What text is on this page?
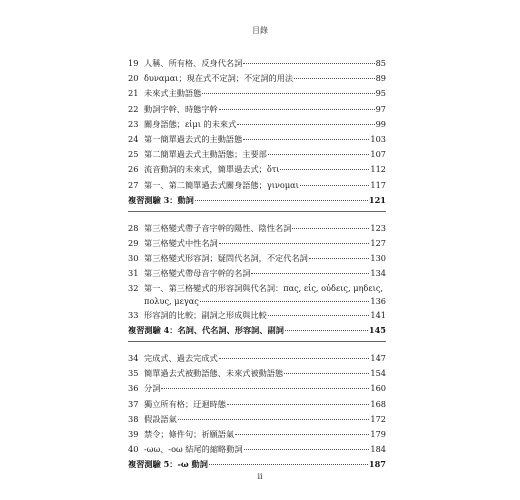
目錄
19 人稱、所有格、反身代名詞	85
20 δυναμαι；現在式不定詞；不定詞的用法	89
21 未來式主動語態	95
22 動詞字幹、時態字幹	97
23 關身語態；εἰμι 的未來式	99
24 第一簡單過去式的主動語態	103
25 第二簡單過去式主動語態；主要部	107
26 流音動詞的未來式，簡單過去式；ὅτι	112
27 第一、第二簡單過去式關身語態；γινομαι	117
複習測驗 3：動詞	121
28 第三格變式帶子音字幹的陽性、陰性名詞	123
29 第三格變式中性名詞	127
30 第三格變式形容詞；疑問代名詞，不定代名詞	130
31 第三格變式帶母音字幹的名詞	134
32 第一、第三格變式的形容詞與代名詞：πας, εἱς, οὐδεις, μηδεις,
πολυς, μεγας	136
33 形容詞的比較；副詞之形成與比較	141
複習測驗 4：名詞、代名詞、形容詞、副詞	145
34 完成式、過去完成式	147
35 簡單過去式被動語態、未來式被動語態	154
36 分詞	160
37 獨立所有格；迂迴時態	168
38 假設語氣	172
39 禁令；條件句；祈願語氣	179
40 -ωω、-οω 結尾的縮略動詞	184
複習測驗 5：-ω 動詞	187
ii
